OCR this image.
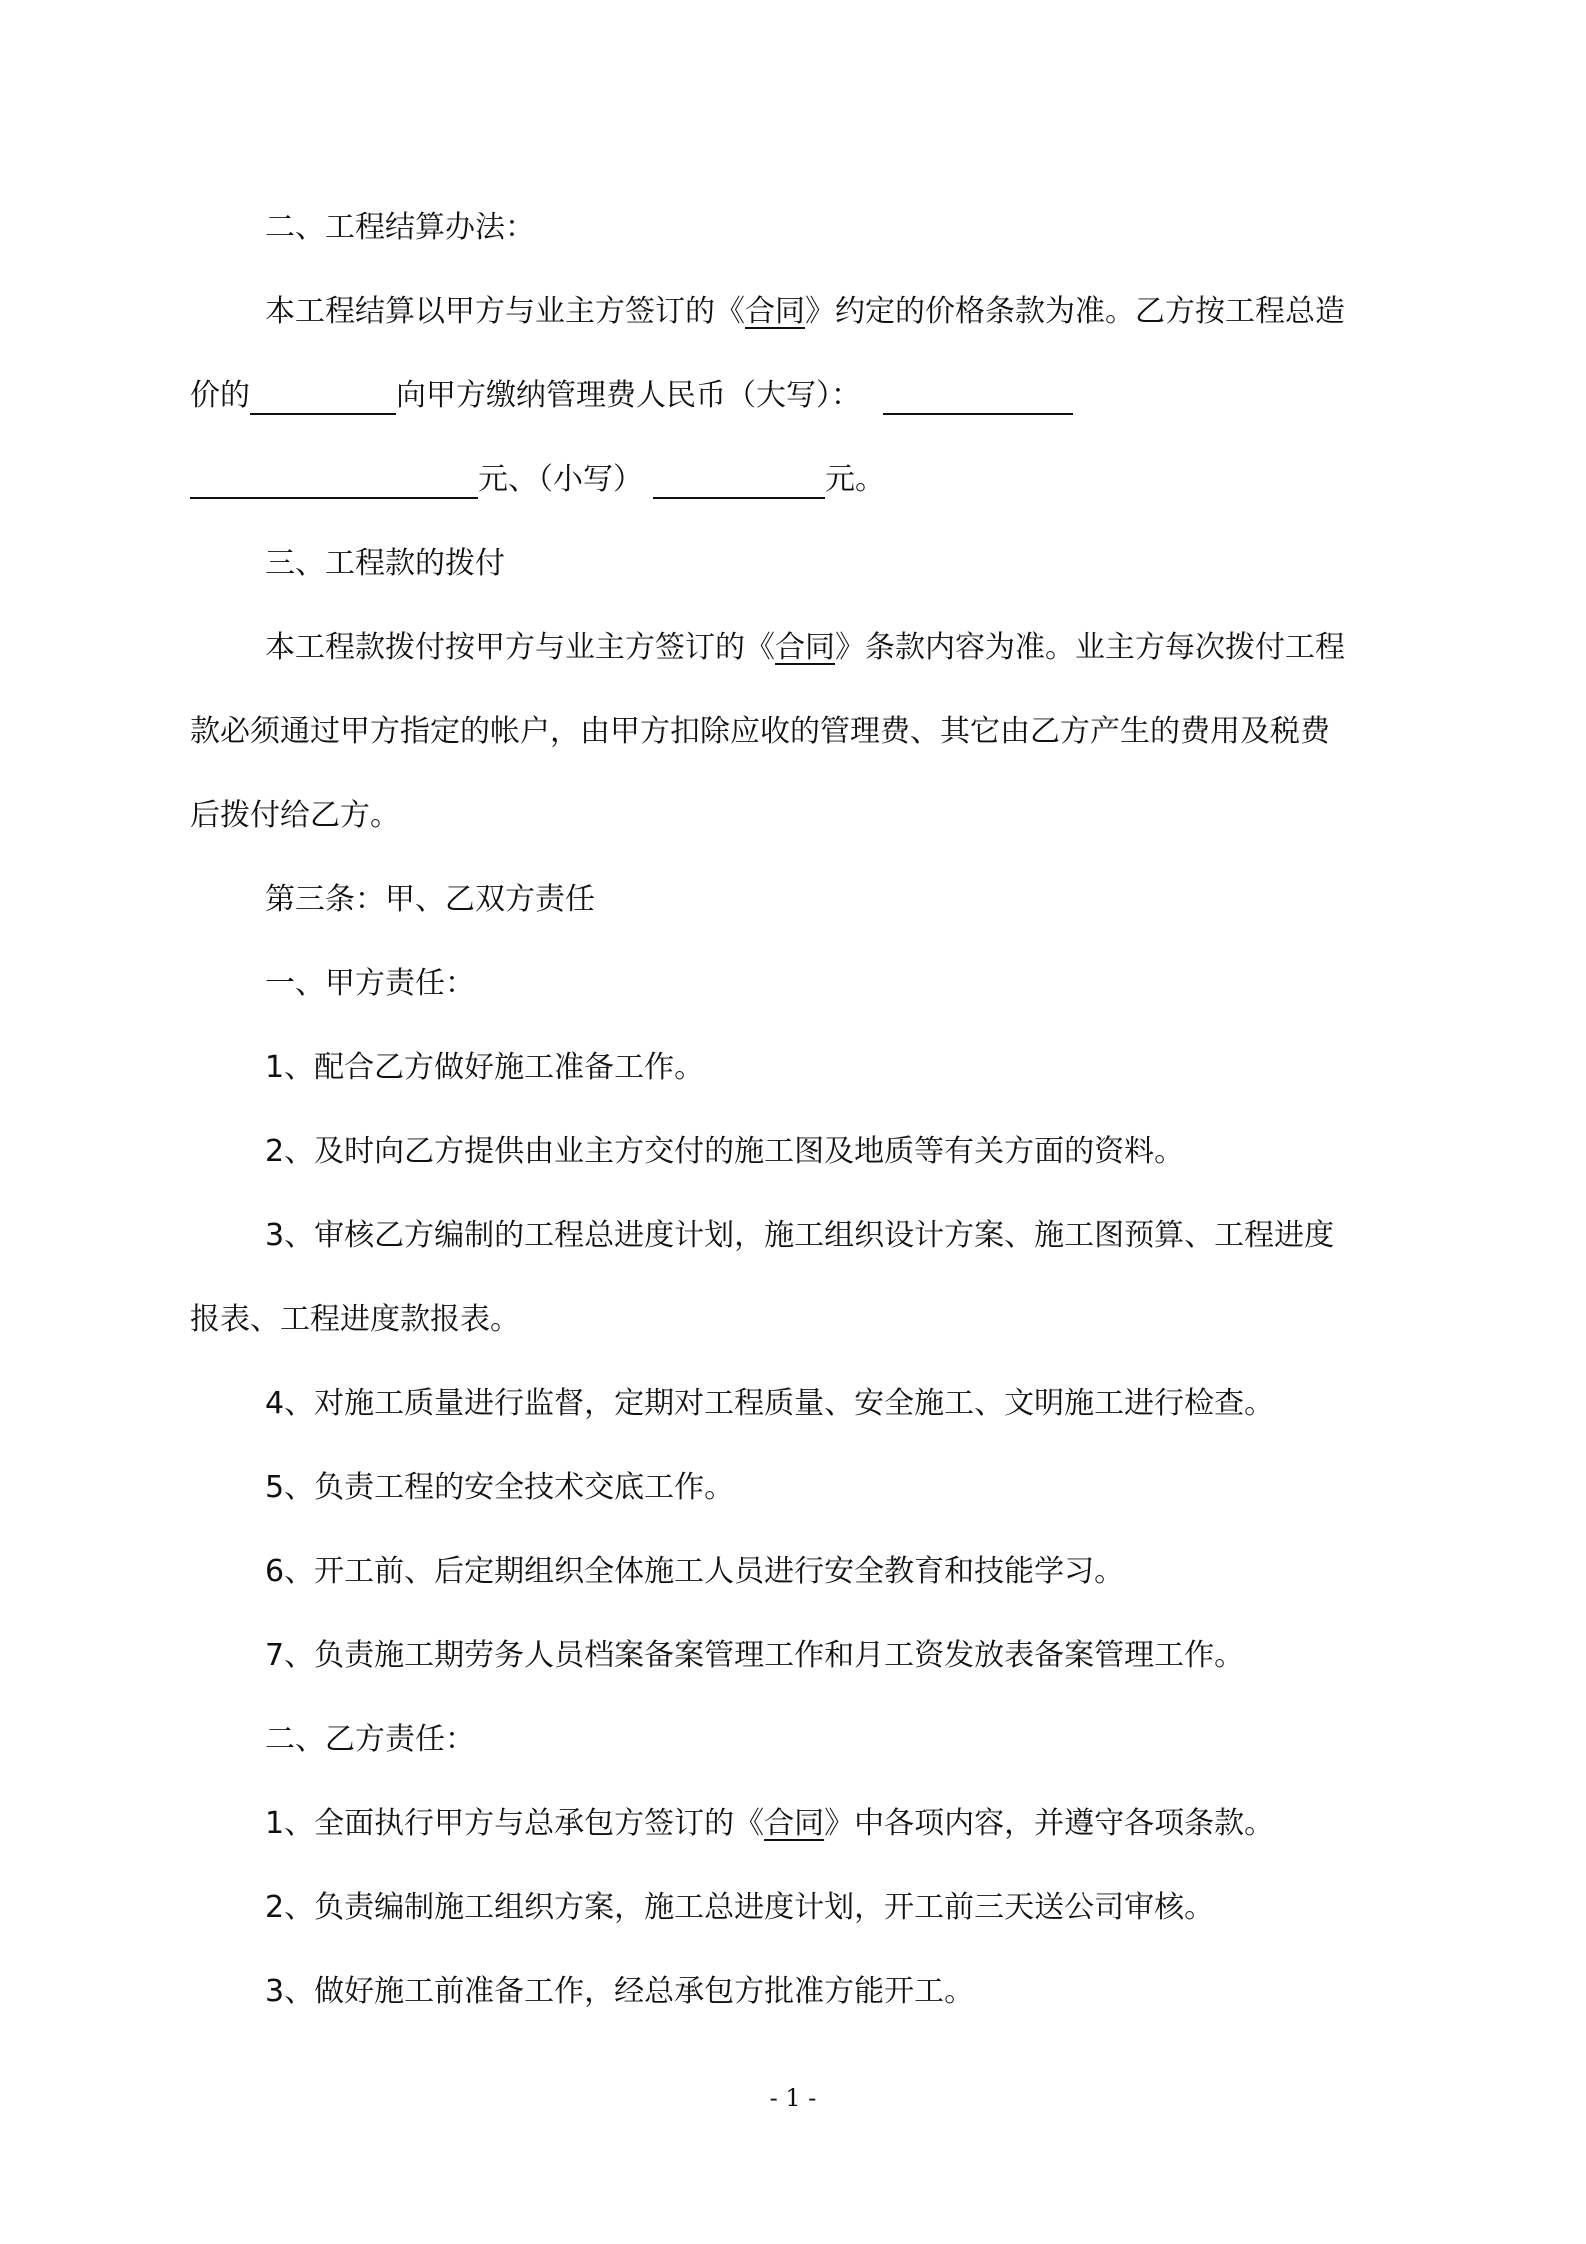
二、工程结算办法：
本工程结算以甲方与业主方签订的《合同》约定的价格条款为准。乙方按工程总造
价的	向甲方缴纳管理费人民币（大写）：
元、（小写）	元。
三、工程款的拨付
本工程款拨付按甲方与业主方签订的《合同》条款内容为准。业主方每次拨付工程
款必须通过甲方指定的帐户，由甲方扣除应收的管理费、其它由乙方产生的费用及税费
后拨付给乙方。
第三条：甲、乙双方责任
一、甲方责任：
1、配合乙方做好施工准备工作。
2、及时向乙方提供由业主方交付的施工图及地质等有关方面的资料。
3、审核乙方编制的工程总进度计划，施工组织设计方案、施工图预算、工程进度
报表、工程进度款报表。
4、对施工质量进行监督，定期对工程质量、安全施工、文明施工进行检查。
5、负责工程的安全技术交底工作。
6、开工前、后定期组织全体施工人员进行安全教育和技能学习。
7、负责施工期劳务人员档案备案管理工作和月工资发放表备案管理工作。
二、乙方责任：
1、全面执行甲方与总承包方签订的《合同》中各项内容，并遵守各项条款。
2、负责编制施工组织方案，施工总进度计划，开工前三天送公司审核。
3、做好施工前准备工作，经总承包方批准方能开工。
- 1 -
